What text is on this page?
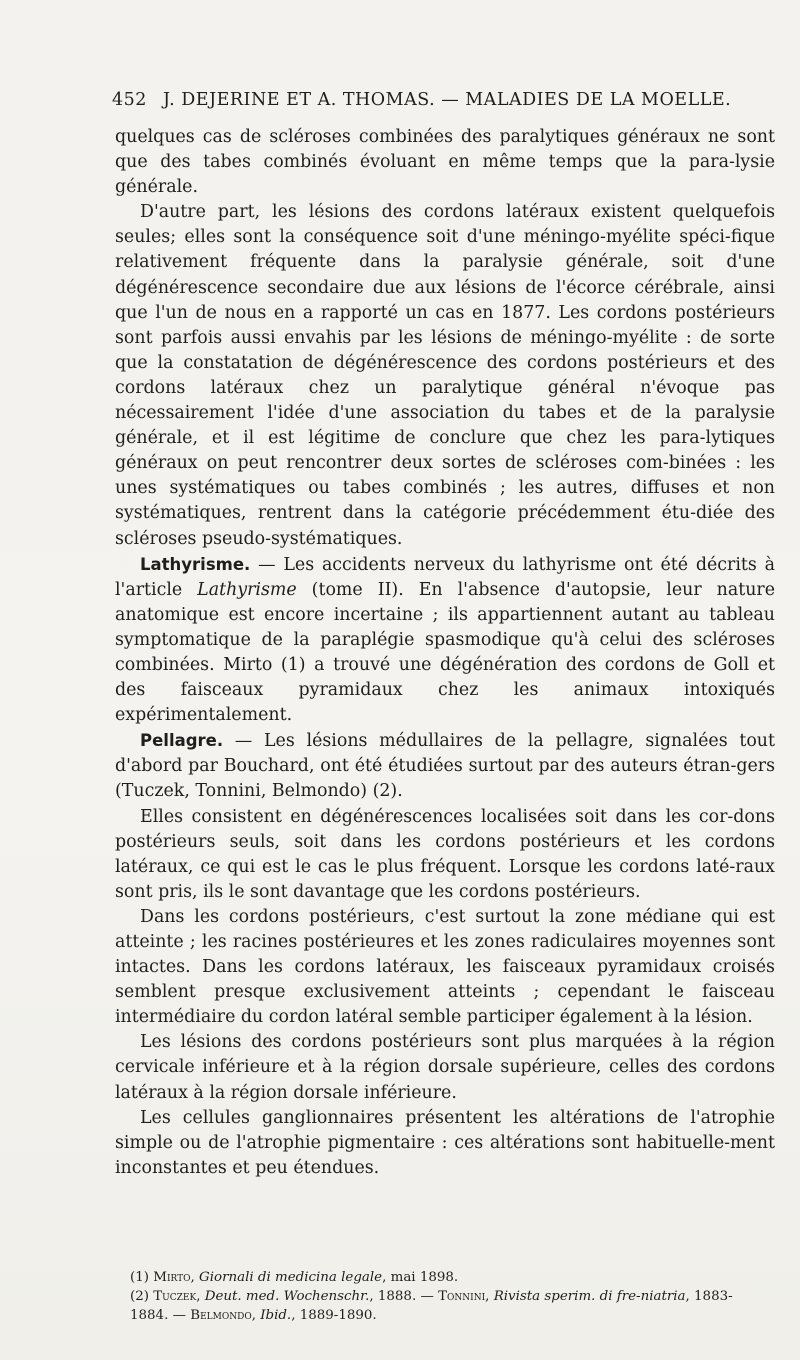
452 J. DEJERINE ET A. THOMAS. — MALADIES DE LA MOELLE.

quelques cas de scléroses combinées des paralytiques généraux ne sont que des tabes combinés évoluant en même temps que la para-lysie générale.

D'autre part, les lésions des cordons latéraux existent quelquefois seules; elles sont la conséquence soit d'une méningo-myélite spéci-fique relativement fréquente dans la paralysie générale, soit d'une dégénérescence secondaire due aux lésions de l'écorce cérébrale, ainsi que l'un de nous en a rapporté un cas en 1877. Les cordons postérieurs sont parfois aussi envahis par les lésions de méningo-myélite : de sorte que la constatation de dégénérescence des cordons postérieurs et des cordons latéraux chez un paralytique général n'évoque pas nécessairement l'idée d'une association du tabes et de la paralysie générale, et il est légitime de conclure que chez les para-lytiques généraux on peut rencontrer deux sortes de scléroses com-binées : les unes systématiques ou tabes combinés ; les autres, diffuses et non systématiques, rentrent dans la catégorie précédemment étu-diée des scléroses pseudo-systématiques.

Lathyrisme. — Les accidents nerveux du lathyrisme ont été décrits à l'article Lathyrisme (tome II). En l'absence d'autopsie, leur nature anatomique est encore incertaine ; ils appartiennent autant au tableau symptomatique de la paraplégie spasmodique qu'à celui des scléroses combinées. Mirto (1) a trouvé une dégénération des cordons de Goll et des faisceaux pyramidaux chez les animaux intoxiqués expérimentalement.

Pellagre. — Les lésions médullaires de la pellagre, signalées tout d'abord par Bouchard, ont été étudiées surtout par des auteurs étran-gers (Tuczek, Tonnini, Belmondo) (2).

Elles consistent en dégénérescences localisées soit dans les cor-dons postérieurs seuls, soit dans les cordons postérieurs et les cordons latéraux, ce qui est le cas le plus fréquent. Lorsque les cordons laté-raux sont pris, ils le sont davantage que les cordons postérieurs.

Dans les cordons postérieurs, c'est surtout la zone médiane qui est atteinte ; les racines postérieures et les zones radiculaires moyennes sont intactes. Dans les cordons latéraux, les faisceaux pyramidaux croisés semblent presque exclusivement atteints ; cependant le faisceau intermédiaire du cordon latéral semble participer également à la lésion.

Les lésions des cordons postérieurs sont plus marquées à la région cervicale inférieure et à la région dorsale supérieure, celles des cordons latéraux à la région dorsale inférieure.

Les cellules ganglionnaires présentent les altérations de l'atrophie simple ou de l'atrophie pigmentaire : ces altérations sont habituelle-ment inconstantes et peu étendues.

(1) Mirto, Giornali di medicina legale, mai 1898.

(2) Tuczek, Deut. med. Wochenschr., 1888. — Tonnini, Rivista sperim. di fre-niatria, 1883-1884. — Belmondo, Ibid., 1889-1890.
